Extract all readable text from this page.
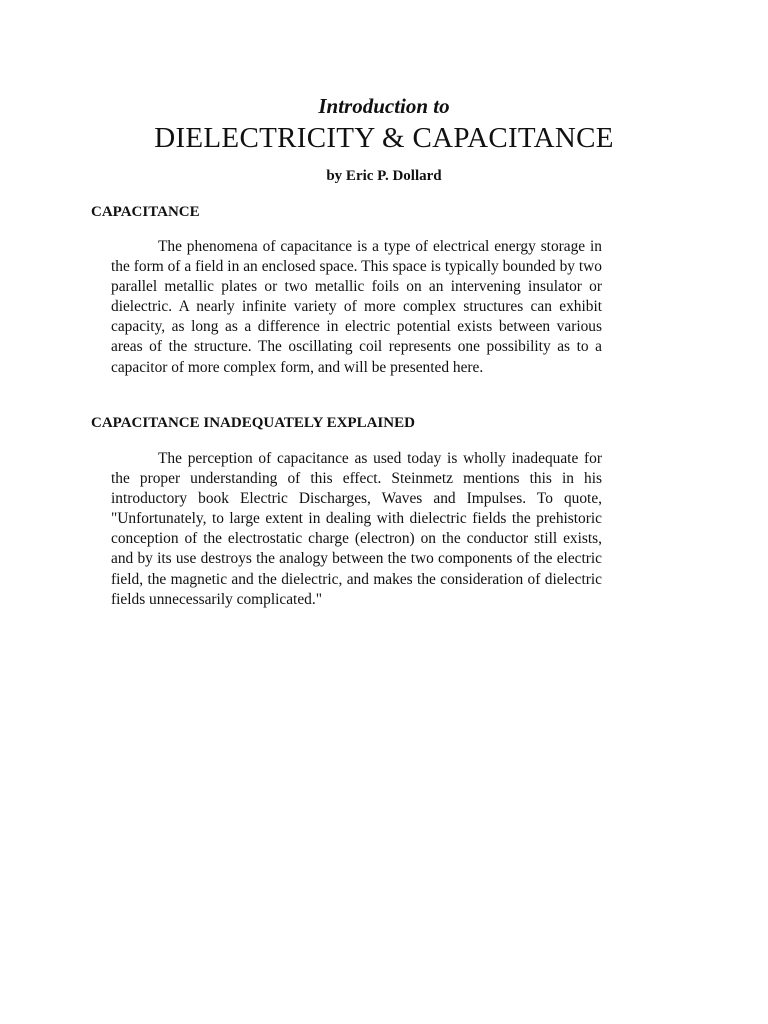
Introduction to
DIELECTRICITY & CAPACITANCE
by Eric P. Dollard
CAPACITANCE

The phenomena of capacitance is a type of electrical energy storage in the form of a field in an enclosed space. This space is typically bounded by two parallel metallic plates or two metallic foils on an intervening insulator or dielectric. A nearly infinite variety of more complex structures can exhibit capacity, as long as a difference in electric potential exists between various areas of the structure. The oscillating coil represents one possibility as to a capacitor of more complex form, and will be presented here.

CAPACITANCE INADEQUATELY EXPLAINED

The perception of capacitance as used today is wholly inadequate for the proper understanding of this effect. Steinmetz mentions this in his introductory book Electric Discharges, Waves and Impulses. To quote, "Unfortunately, to large extent in dealing with dielectric fields the prehistoric conception of the electrostatic charge (electron) on the conductor still exists, and by its use destroys the analogy between the two components of the electric field, the magnetic and the dielectric, and makes the consideration of dielectric fields unnecessarily complicated."
